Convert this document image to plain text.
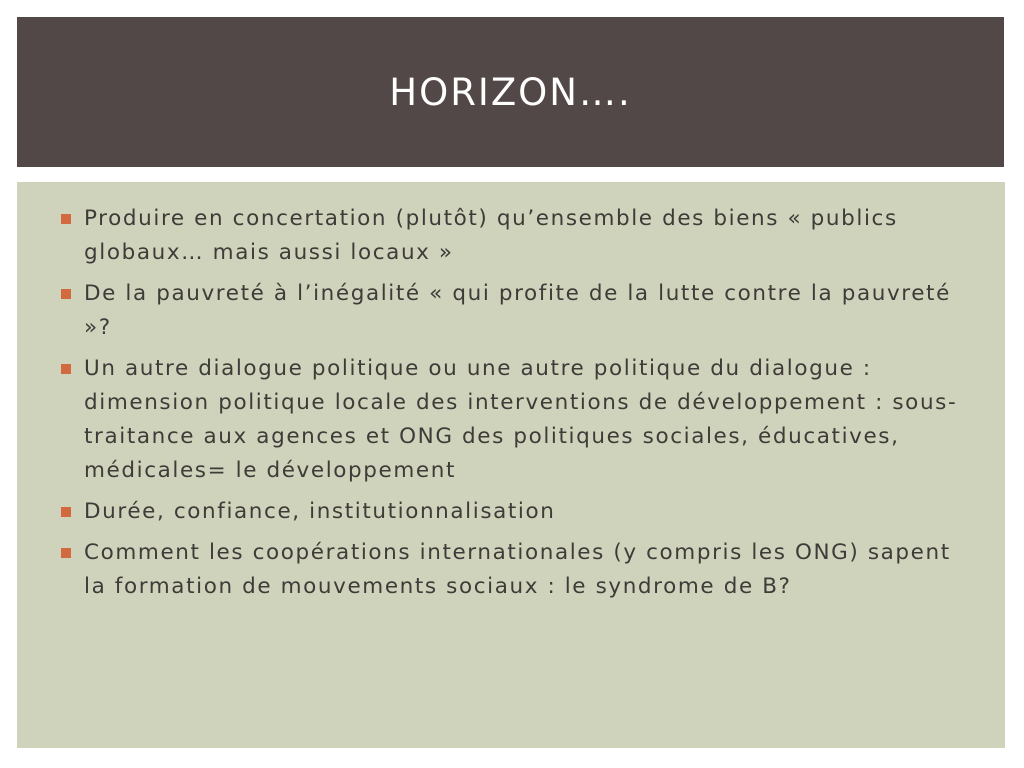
HORIZON….
Produire en concertation (plutôt) qu’ensemble des biens « publics globaux… mais aussi locaux »
De la pauvreté à l’inégalité « qui profite de la lutte contre la pauvreté »?
Un autre dialogue politique ou une autre politique du dialogue : dimension politique locale des interventions de développement : sous-traitance aux agences et ONG des politiques sociales, éducatives, médicales= le développement
Durée, confiance, institutionnalisation
Comment les coopérations internationales (y compris les ONG) sapent la formation de mouvements sociaux : le syndrome de B?
